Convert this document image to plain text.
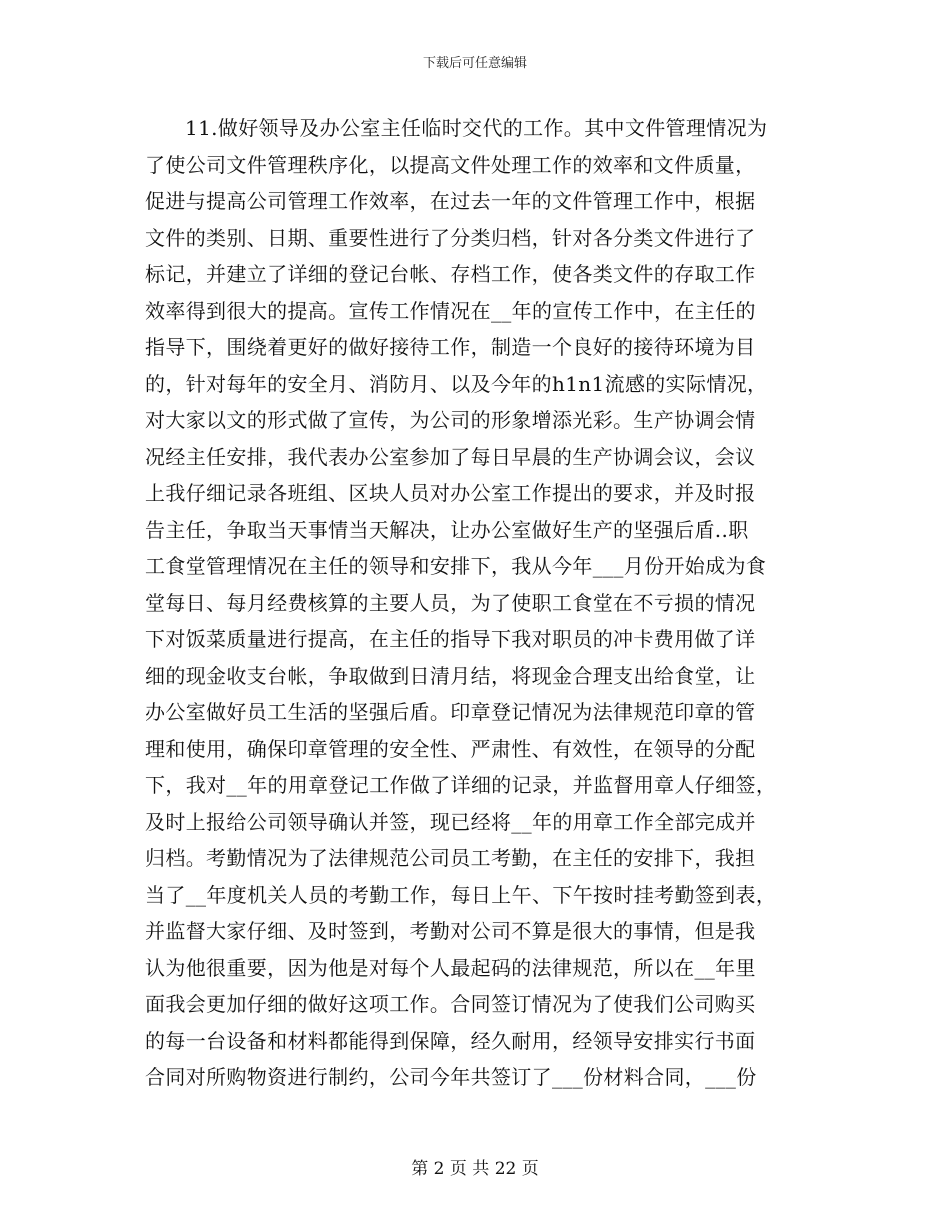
下载后可任意编辑
11.做好领导及办公室主任临时交代的工作。其中文件管理情况为
了使公司文件管理秩序化，以提高文件处理工作的效率和文件质量，
促进与提高公司管理工作效率，在过去一年的文件管理工作中，根据
文件的类别、日期、重要性进行了分类归档，针对各分类文件进行了
标记，并建立了详细的登记台帐、存档工作，使各类文件的存取工作
效率得到很大的提高。宣传工作情况在__年的宣传工作中，在主任的
指导下，围绕着更好的做好接待工作，制造一个良好的接待环境为目
的，针对每年的安全月、消防月、以及今年的h1n1流感的实际情况，
对大家以文的形式做了宣传，为公司的形象增添光彩。生产协调会情
况经主任安排，我代表办公室参加了每日早晨的生产协调会议，会议
上我仔细记录各班组、区块人员对办公室工作提出的要求，并及时报
告主任，争取当天事情当天解决，让办公室做好生产的坚强后盾..职
工食堂管理情况在主任的领导和安排下，我从今年___月份开始成为食
堂每日、每月经费核算的主要人员，为了使职工食堂在不亏损的情况
下对饭菜质量进行提高，在主任的指导下我对职员的冲卡费用做了详
细的现金收支台帐，争取做到日清月结，将现金合理支出给食堂，让
办公室做好员工生活的坚强后盾。印章登记情况为法律规范印章的管
理和使用，确保印章管理的安全性、严肃性、有效性，在领导的分配
下，我对__年的用章登记工作做了详细的记录，并监督用章人仔细签，
及时上报给公司领导确认并签，现已经将__年的用章工作全部完成并
归档。考勤情况为了法律规范公司员工考勤，在主任的安排下，我担
当了__年度机关人员的考勤工作，每日上午、下午按时挂考勤签到表，
并监督大家仔细、及时签到，考勤对公司不算是很大的事情，但是我
认为他很重要，因为他是对每个人最起码的法律规范，所以在__年里
面我会更加仔细的做好这项工作。合同签订情况为了使我们公司购买
的每一台设备和材料都能得到保障，经久耐用，经领导安排实行书面
合同对所购物资进行制约，公司今年共签订了___份材料合同，___份
第 2 页 共 22 页
